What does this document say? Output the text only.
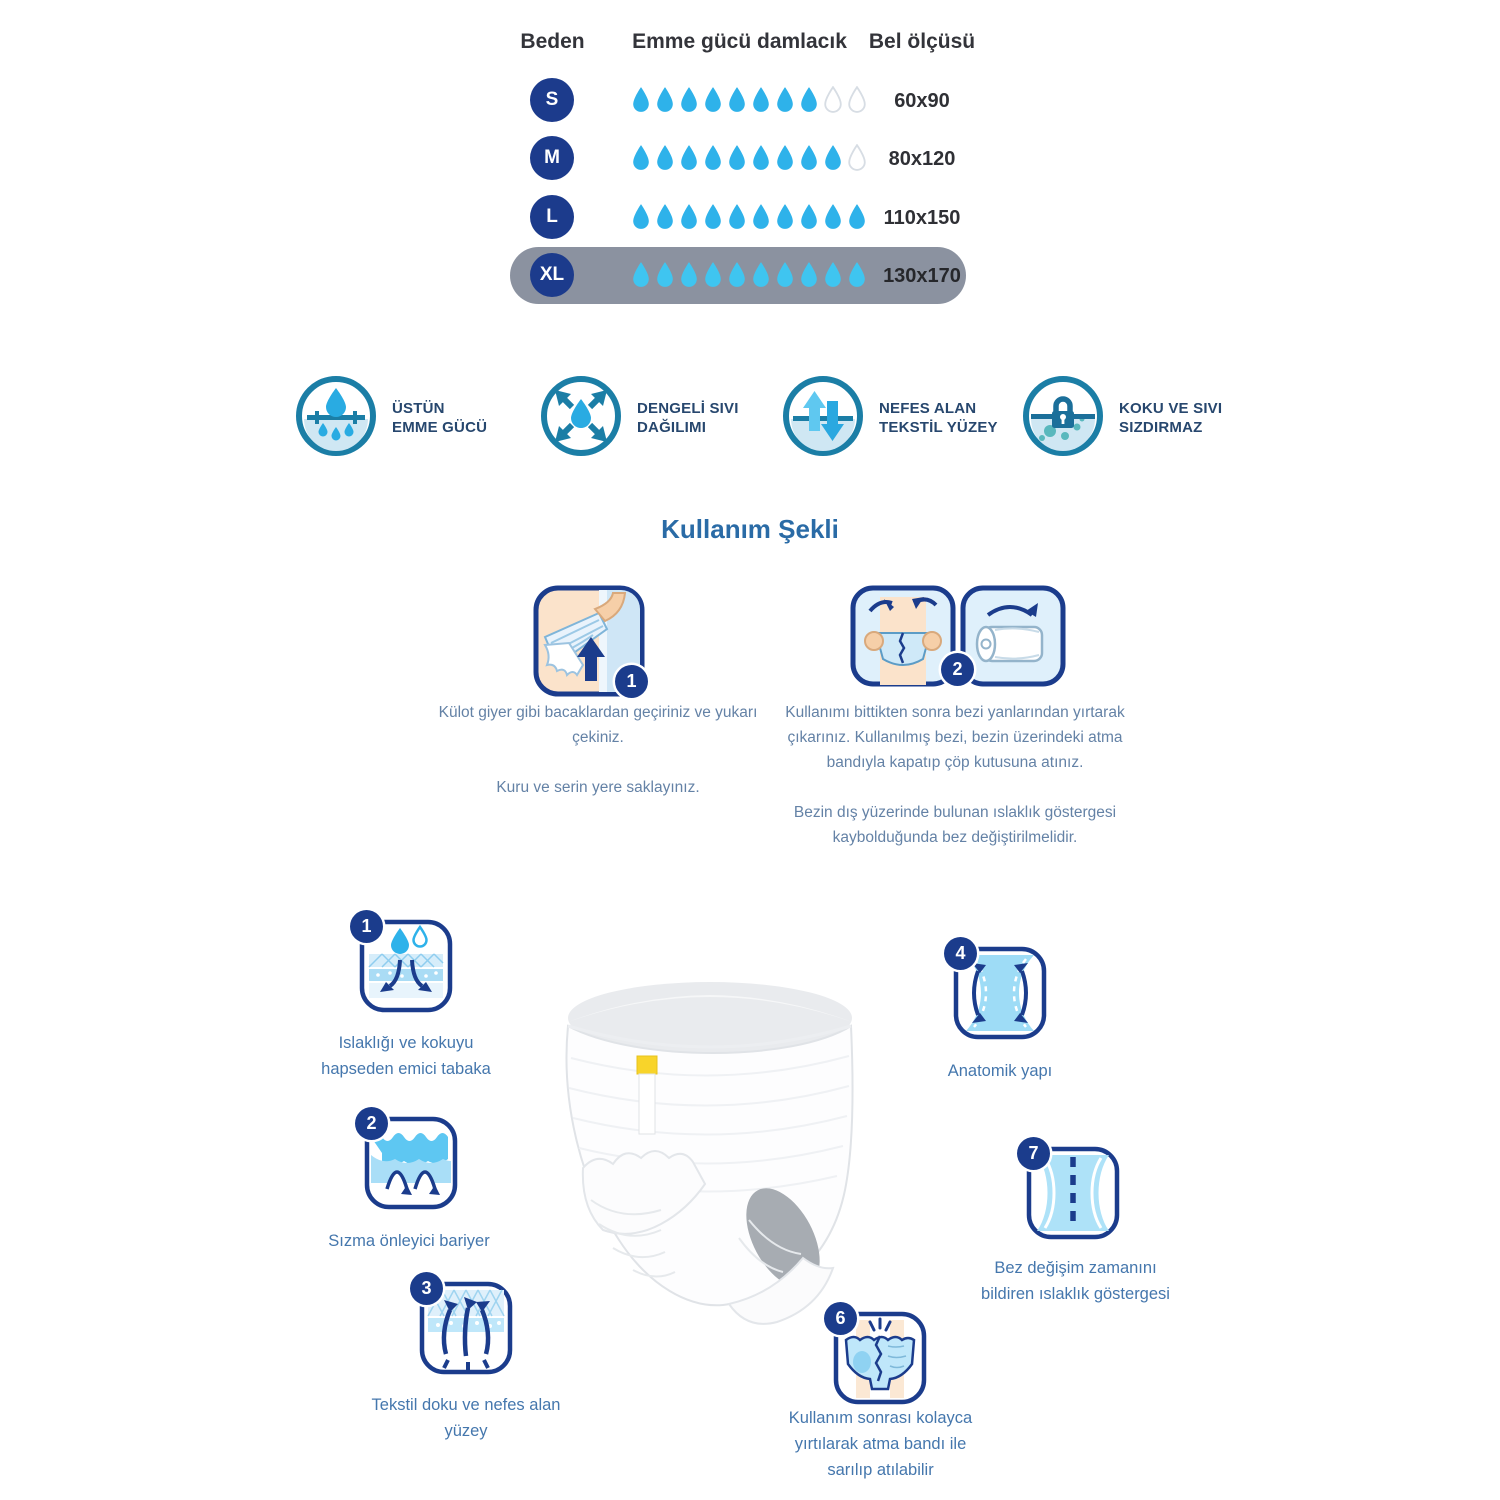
Beden	Emme gücü damlacık	Bel ölçüsü
S	60x90
M	80x120
L	110x150
XL	130x170
ÜSTÜN
EMME GÜCÜ
DENGELİ SIVI
DAĞILIMI
NEFES ALAN
TEKSTİL YÜZEY
KOKU VE SIVI
SIZDIRMAZ
Kullanım Şekli
1

Külot giyer gibi bacaklardan geçiriniz ve yukarı çekiniz.

Kuru ve serin yere saklayınız.

2

Kullanımı bittikten sonra bezi yanlarından yırtarak çıkarınız. Kullanılmış bezi, bezin üzerindeki atma bandıyla kapatıp çöp kutusuna atınız.

Bezin dış yüzerinde bulunan ıslaklık göstergesi kaybolduğunda bez değiştirilmelidir.

1
Islaklığı ve kokuyu
hapseden emici tabaka
2
Sızma önleyici bariyer
3
Tekstil doku ve nefes alan
yüzey
4
Anatomik yapı
7
Bez değişim zamanını
bildiren ıslaklık göstergesi
6
Kullanım sonrası kolayca
yırtılarak atma bandı ile
sarılıp atılabilir
